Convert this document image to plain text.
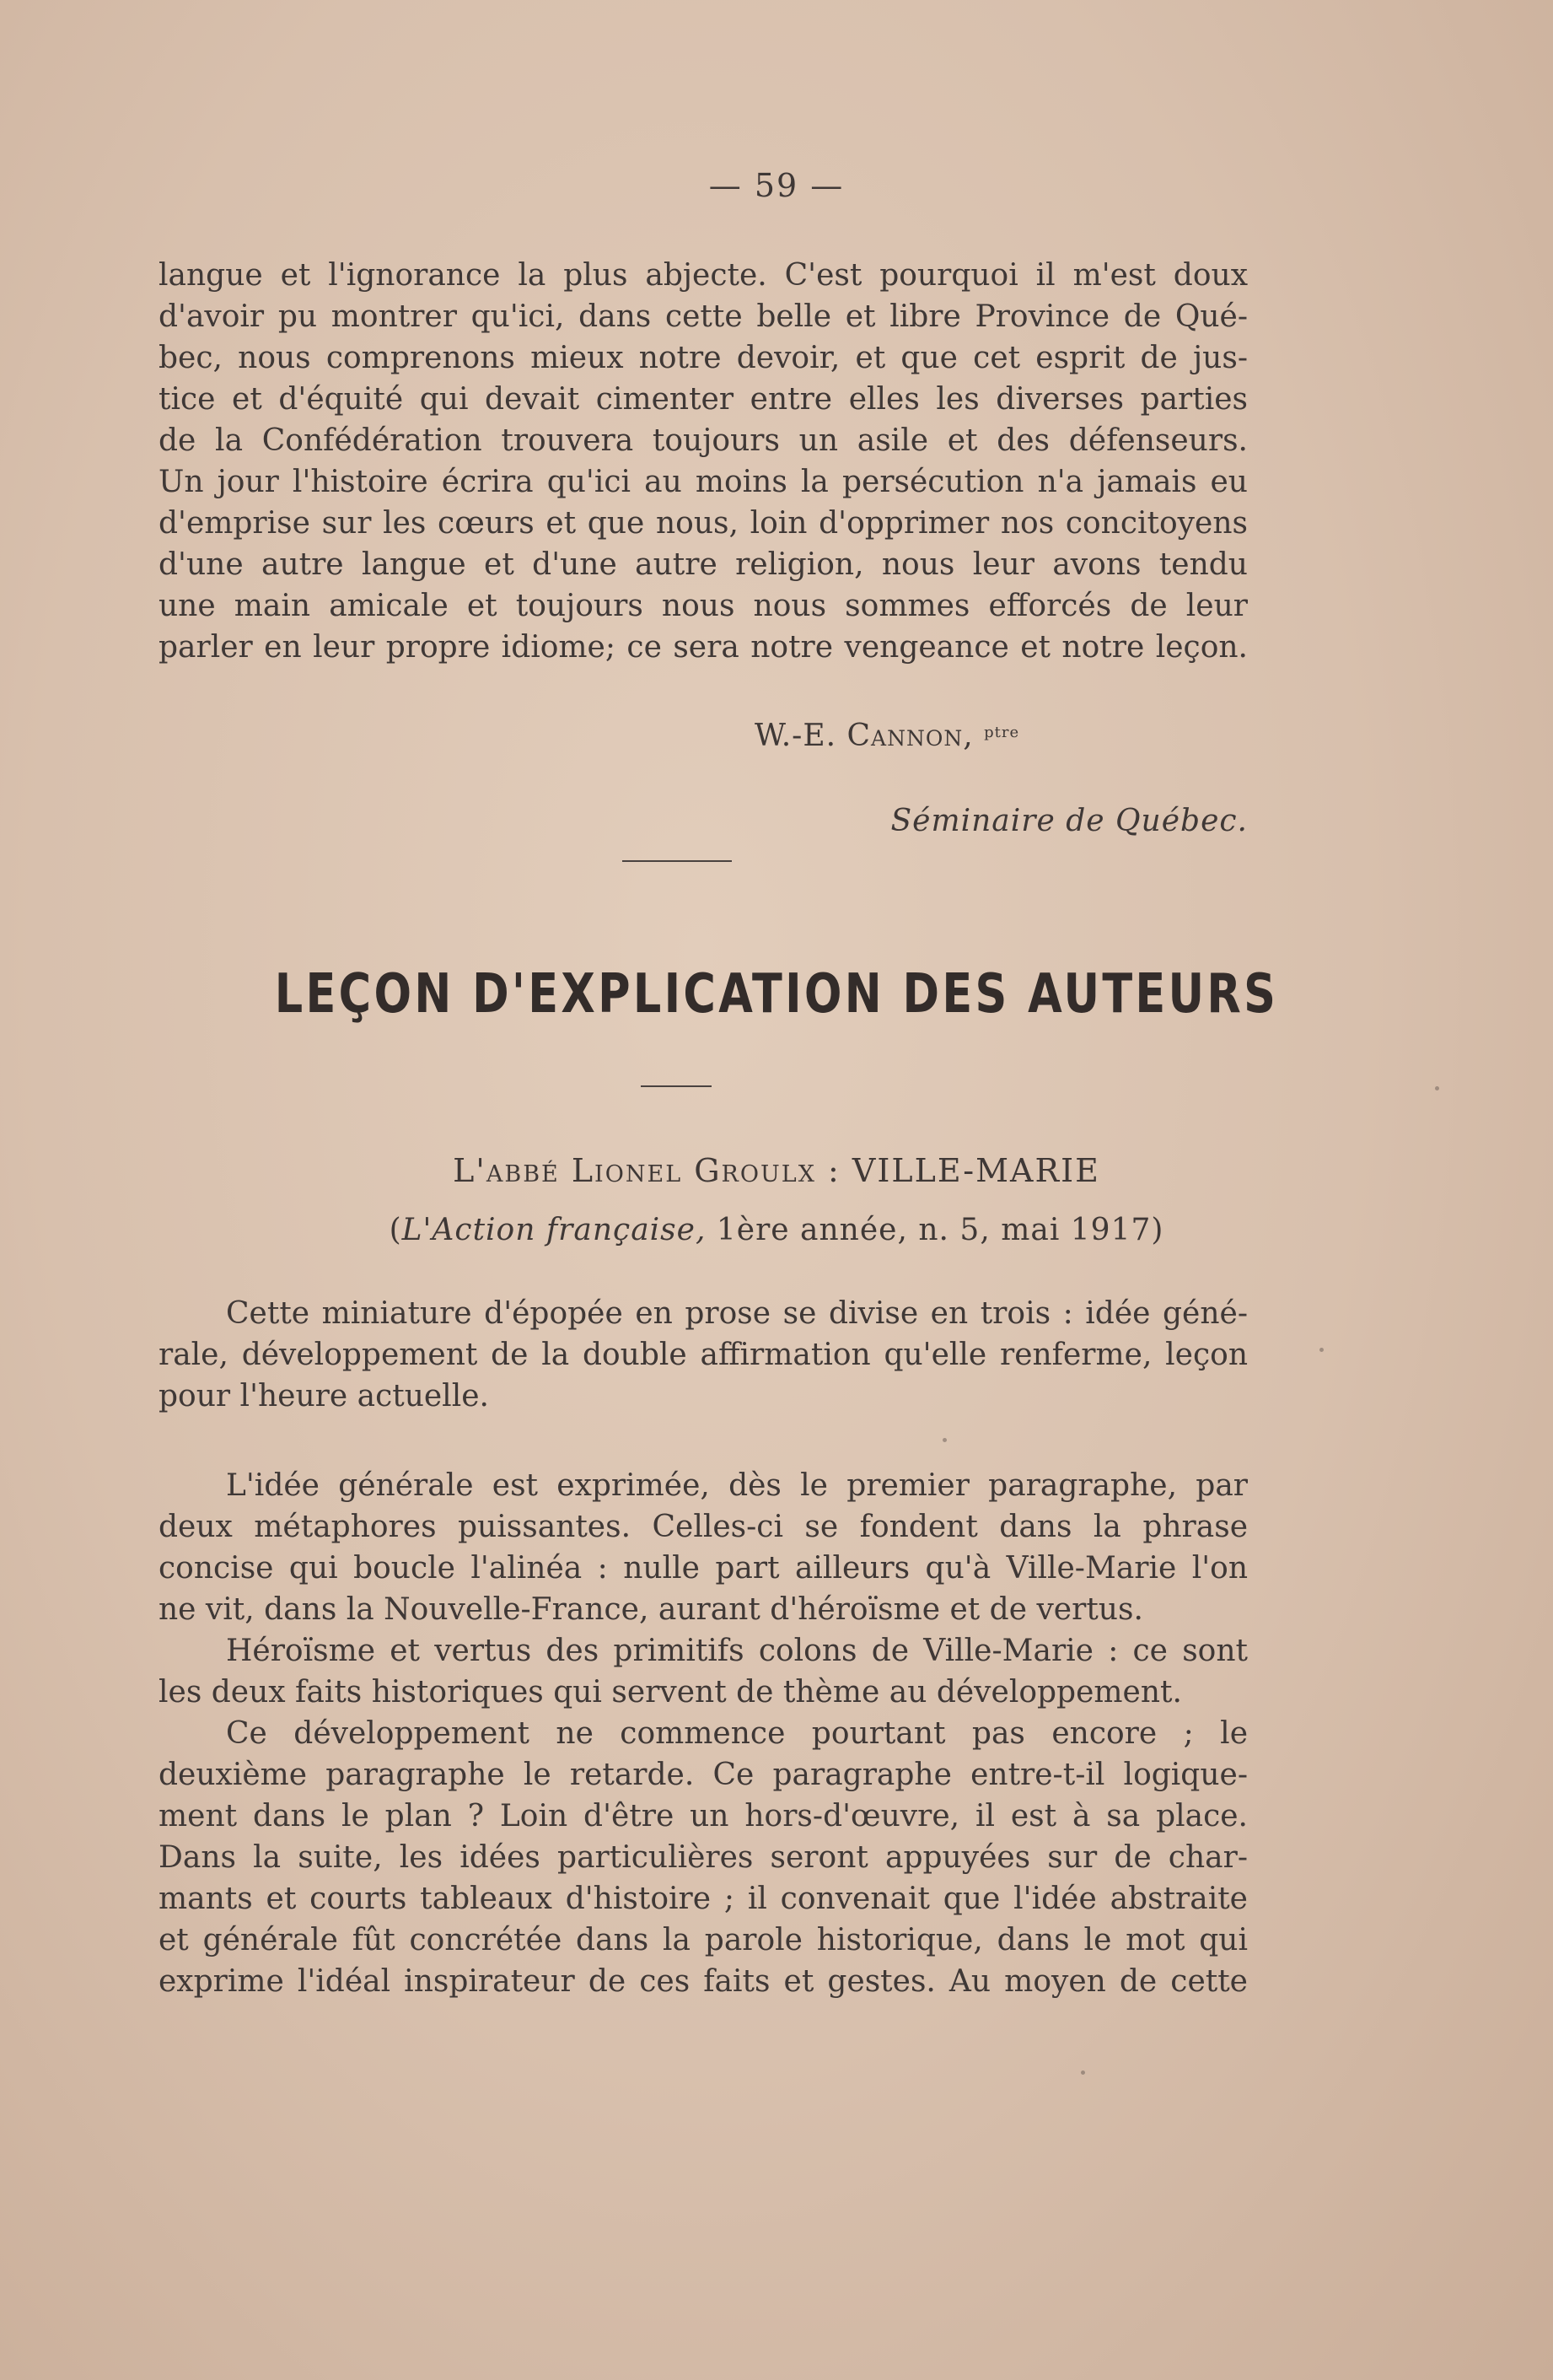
— 59 —
langue et l'ignorance la plus abjecte. C'est pourquoi il m'est doux
d'avoir pu montrer qu'ici, dans cette belle et libre Province de Qué-
bec, nous comprenons mieux notre devoir, et que cet esprit de jus-
tice et d'équité qui devait cimenter entre elles les diverses parties
de la Confédération trouvera toujours un asile et des défenseurs.
Un jour l'histoire écrira qu'ici au moins la persécution n'a jamais eu
d'emprise sur les cœurs et que nous, loin d'opprimer nos concitoyens
d'une autre langue et d'une autre religion, nous leur avons tendu
une main amicale et toujours nous nous sommes efforcés de leur
parler en leur propre idiome; ce sera notre vengeance et notre leçon.
W.-E. Cannon, $^{ptre}$
Séminaire de Québec.
LEÇON D'EXPLICATION DES AUTEURS
L'abbé Lionel Groulx : VILLE-MARIE
(L'Action française, 1ère année, n. 5, mai 1917)
Cette miniature d'épopée en prose se divise en trois : idée géné-
rale, développement de la double affirmation qu'elle renferme, leçon
pour l'heure actuelle.
L'idée générale est exprimée, dès le premier paragraphe, par
deux métaphores puissantes. Celles-ci se fondent dans la phrase
concise qui boucle l'alinéa : nulle part ailleurs qu'à Ville-Marie l'on
ne vit, dans la Nouvelle-France, aurant d'héroïsme et de vertus.
Héroïsme et vertus des primitifs colons de Ville-Marie : ce sont
les deux faits historiques qui servent de thème au développement.
Ce développement ne commence pourtant pas encore ; le
deuxième paragraphe le retarde. Ce paragraphe entre-t-il logique-
ment dans le plan ? Loin d'être un hors-d'œuvre, il est à sa place.
Dans la suite, les idées particulières seront appuyées sur de char-
mants et courts tableaux d'histoire ; il convenait que l'idée abstraite
et générale fût concrétée dans la parole historique, dans le mot qui
exprime l'idéal inspirateur de ces faits et gestes. Au moyen de cette
